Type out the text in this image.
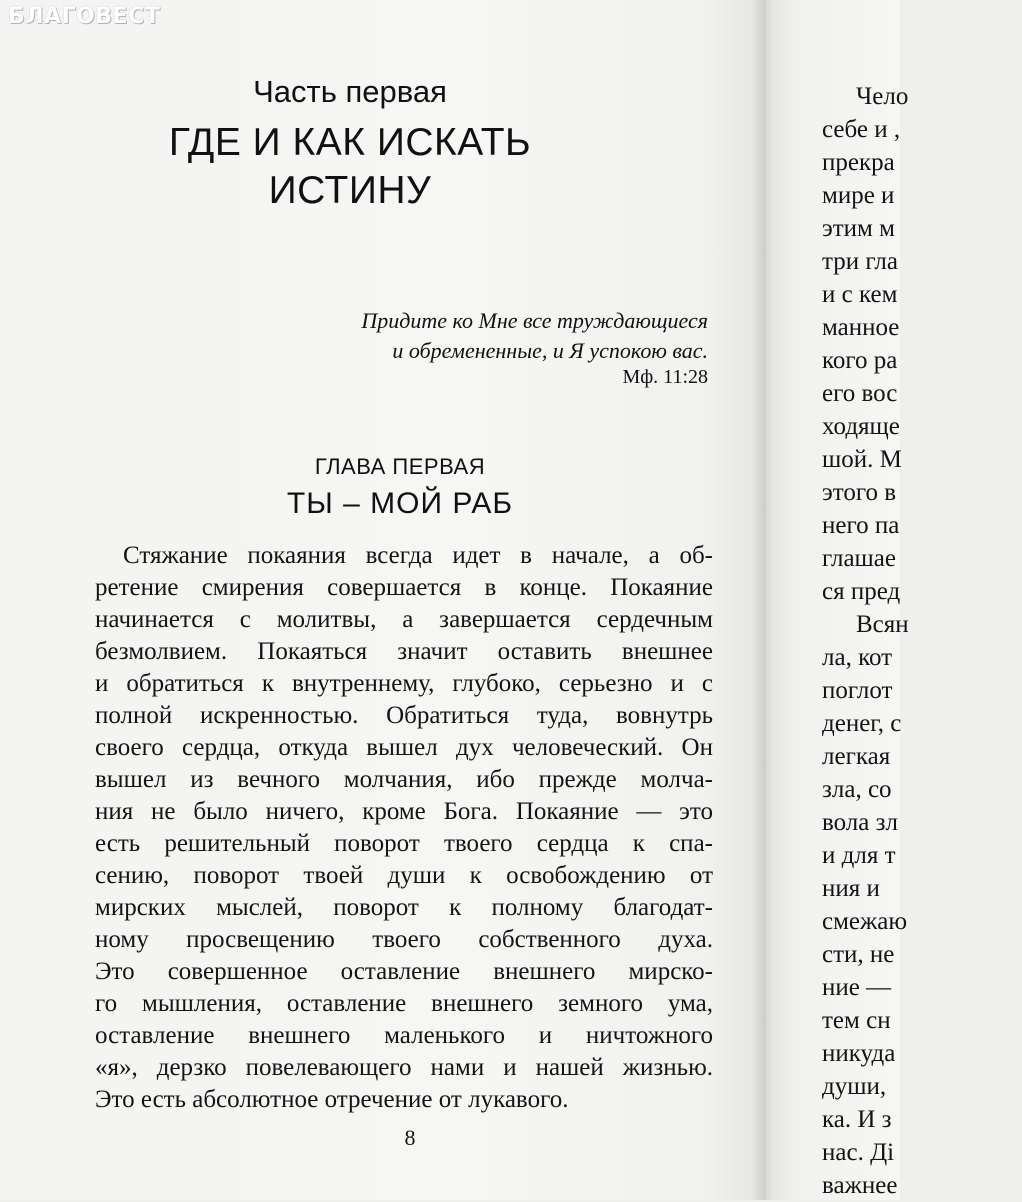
БЛАГОВЕСТ
Часть первая
ГДЕ И КАК ИСКАТЬ
ИСТИНУ
Придите ко Мне все труждающиеся
и обремененные, и Я успокою вас.
Мф. 11:28
ГЛАВА ПЕРВАЯ
ТЫ – МОЙ РАБ
Стяжание покаяния всегда идет в начале, а об-
ретение смирения совершается в конце. Покаяние
начинается с молитвы, а завершается сердечным
безмолвием. Покаяться значит оставить внешнее
и обратиться к внутреннему, глубоко, серьезно и с
полной искренностью. Обратиться туда, вовнутрь
своего сердца, откуда вышел дух человеческий. Он
вышел из вечного молчания, ибо прежде молча-
ния не было ничего, кроме Бога. Покаяние — это
есть решительный поворот твоего сердца к спа-
сению, поворот твоей души к освобождению от
мирских мыслей, поворот к полному благодат-
ному просвещению твоего собственного духа.
Это совершенное оставление внешнего мирско-
го мышления, оставление внешнего земного ума,
оставление внешнего маленького и ничтожного
«я», дерзко повелевающего нами и нашей жизнью.
Это есть абсолютное отречение от лукавого.
8
Чело
себе и ,
прекра
мире и
этим м
три гла
и с кем
манное
кого ра
его вос
ходяще
шой. М
этого в
него па
глашае
ся пред
Всян
ла, кот
поглот
денег, с
легкая
зла, со
вола зл
и для т
ния и
смежаю
сти, не
ние —
тем сн
никуда
души,
ка. И з
нас. Ді
важнее
